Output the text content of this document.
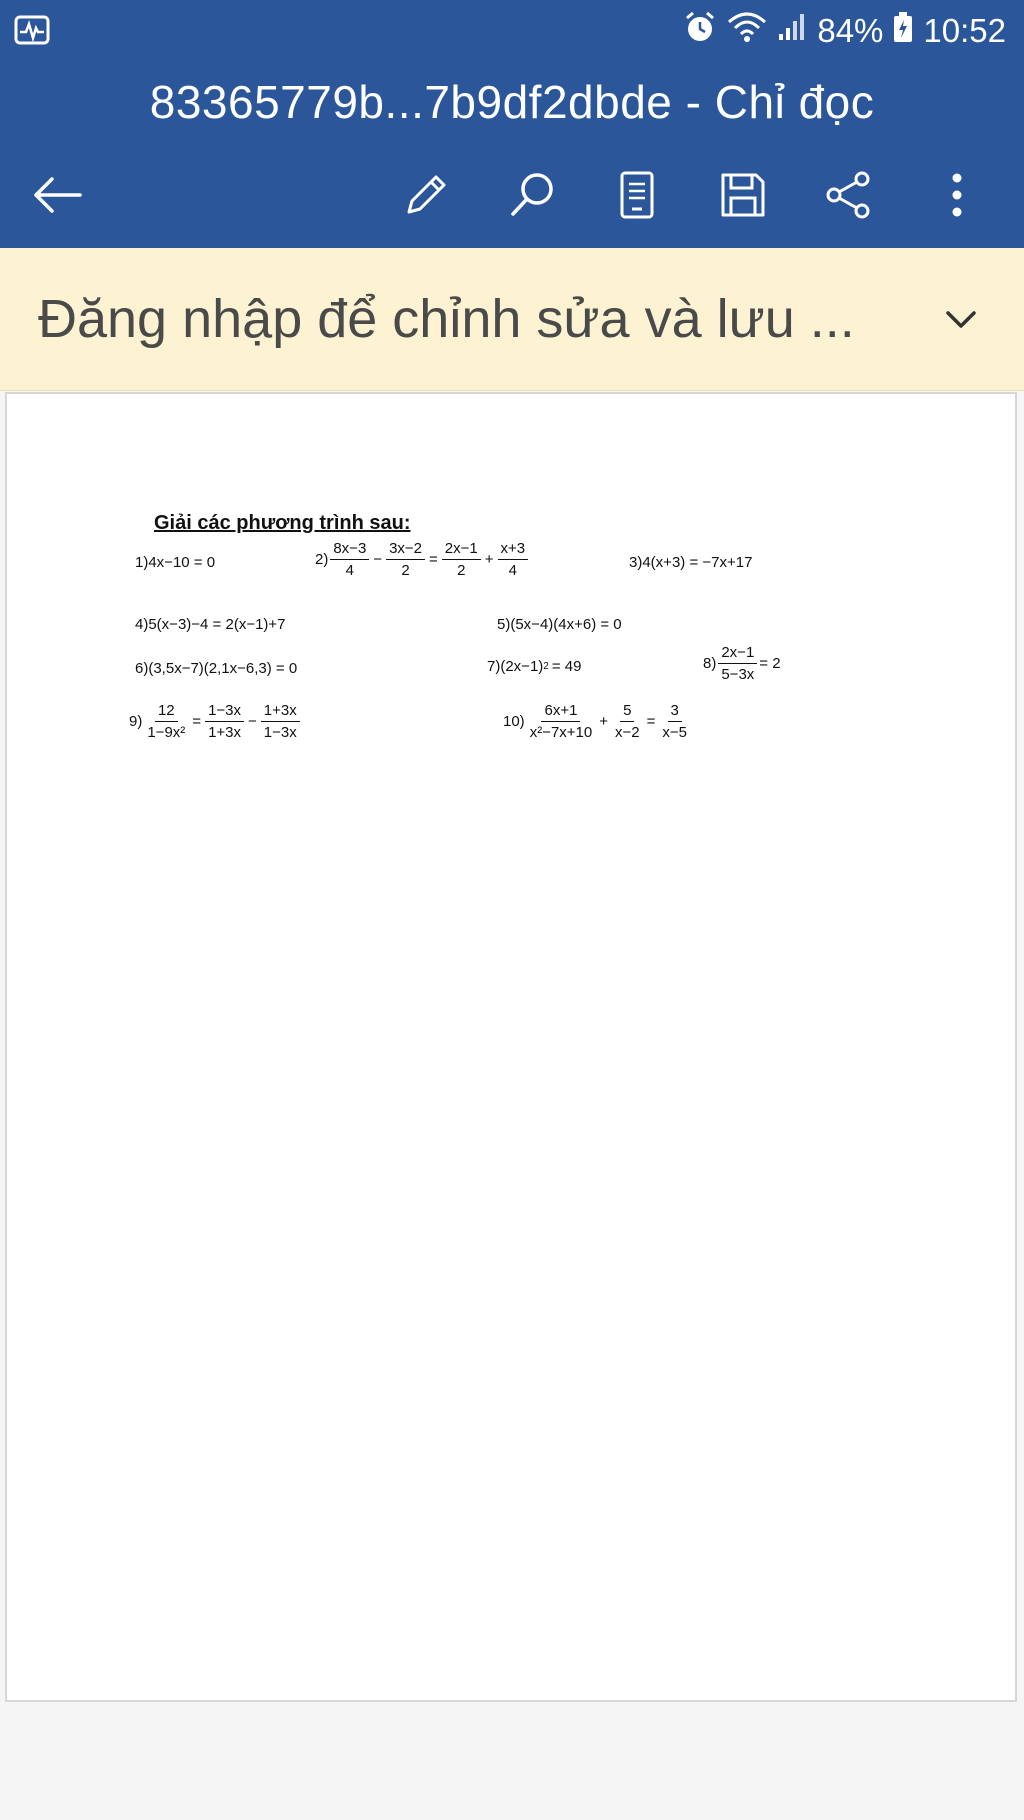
84% 10:52
83365779b...7b9df2dbde - Chỉ đọc
Đăng nhập để chỉnh sửa và lưu ...
Giải các phương trình sau:
1) 4x−10 = 0	$2) \frac{8x-3}{4} - \frac{3x-2}{2} = \frac{2x-1}{2} + \frac{x+3}{4}$	3) 4(x+3) = −7x+17
4) 5(x−3)−4 = 2(x−1)+7	5) (5x−4)(4x+6) = 0
6) (3,5x−7)(2,1x−6,3) = 0	7) (2x−1) 2 = 49	$8) \frac{2x-1}{5-3x} = 2$
$9) \frac{12}{\text{1−9x²}} = \frac{1-3x}{1+3x} - \frac{1+3x}{1-3x}$	$10) \frac{6x+1}{\text{x²−7x+10}} + \frac{5}{x-2} = \frac{3}{x-5}$
